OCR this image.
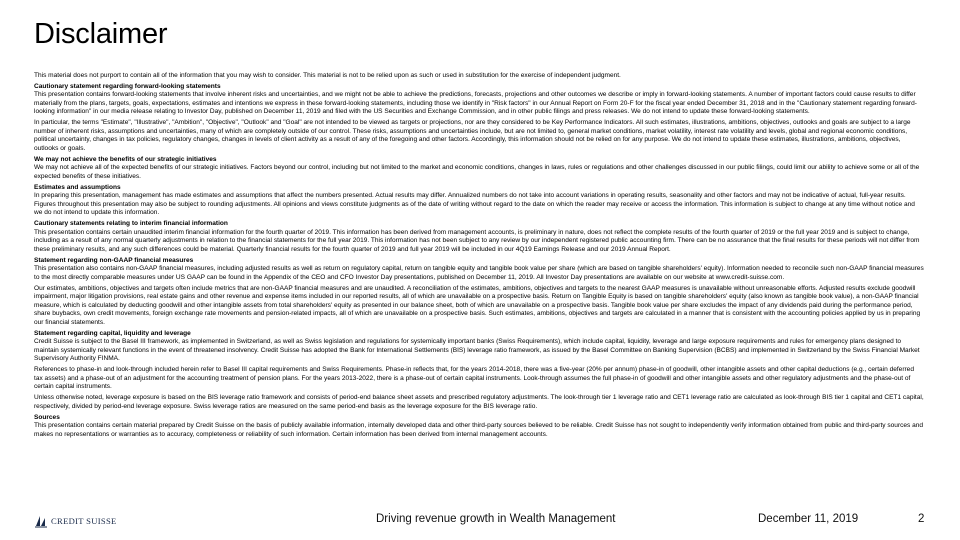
Disclaimer

This material does not purport to contain all of the information that you may wish to consider. This material is not to be relied upon as such or used in substitution for the exercise of independent judgment.

Cautionary statement regarding forward-looking statements

This presentation contains forward-looking statements that involve inherent risks and uncertainties, and we might not be able to achieve the predictions, forecasts, projections and other outcomes we describe or imply in forward-looking statements. A number of important factors could cause results to differ materially from the plans, targets, goals, expectations, estimates and intentions we express in these forward-looking statements, including those we identify in "Risk factors" in our Annual Report on Form 20-F for the fiscal year ended December 31, 2018 and in the "Cautionary statement regarding forward-looking information" in our media release relating to Investor Day, published on December 11, 2019 and filed with the US Securities and Exchange Commission, and in other public filings and press releases. We do not intend to update these forward-looking statements.

In particular, the terms "Estimate", "Illustrative", "Ambition", "Objective", "Outlook" and "Goal" are not intended to be viewed as targets or projections, nor are they considered to be Key Performance Indicators. All such estimates, illustrations, ambitions, objectives, outlooks and goals are subject to a large number of inherent risks, assumptions and uncertainties, many of which are completely outside of our control. These risks, assumptions and uncertainties include, but are not limited to, general market conditions, market volatility, interest rate volatility and levels, global and regional economic conditions, political uncertainty, changes in tax policies, regulatory changes, changes in levels of client activity as a result of any of the foregoing and other factors. Accordingly, this information should not be relied on for any purpose. We do not intend to update these estimates, illustrations, ambitions, objectives, outlooks or goals.

We may not achieve the benefits of our strategic initiatives

We may not achieve all of the expected benefits of our strategic initiatives. Factors beyond our control, including but not limited to the market and economic conditions, changes in laws, rules or regulations and other challenges discussed in our public filings, could limit our ability to achieve some or all of the expected benefits of these initiatives.

Estimates and assumptions

In preparing this presentation, management has made estimates and assumptions that affect the numbers presented. Actual results may differ. Annualized numbers do not take into account variations in operating results, seasonality and other factors and may not be indicative of actual, full-year results. Figures throughout this presentation may also be subject to rounding adjustments. All opinions and views constitute judgments as of the date of writing without regard to the date on which the reader may receive or access the information. This information is subject to change at any time without notice and we do not intend to update this information.

Cautionary statements relating to interim financial information

This presentation contains certain unaudited interim financial information for the fourth quarter of 2019. This information has been derived from management accounts, is preliminary in nature, does not reflect the complete results of the fourth quarter of 2019 or the full year 2019 and is subject to change, including as a result of any normal quarterly adjustments in relation to the financial statements for the full year 2019. This information has not been subject to any review by our independent registered public accounting firm. There can be no assurance that the final results for these periods will not differ from these preliminary results, and any such differences could be material. Quarterly financial results for the fourth quarter of 2019 and full year 2019 will be included in our 4Q19 Earnings Release and our 2019 Annual Report.

Statement regarding non-GAAP financial measures

This presentation also contains non-GAAP financial measures, including adjusted results as well as return on regulatory capital, return on tangible equity and tangible book value per share (which are based on tangible shareholders' equity). Information needed to reconcile such non-GAAP financial measures to the most directly comparable measures under US GAAP can be found in the Appendix of the CEO and CFO Investor Day presentations, published on December 11, 2019. All Investor Day presentations are available on our website at www.credit-suisse.com.

Our estimates, ambitions, objectives and targets often include metrics that are non-GAAP financial measures and are unaudited. A reconciliation of the estimates, ambitions, objectives and targets to the nearest GAAP measures is unavailable without unreasonable efforts. Adjusted results exclude goodwill impairment, major litigation provisions, real estate gains and other revenue and expense items included in our reported results, all of which are unavailable on a prospective basis. Return on Tangible Equity is based on tangible shareholders' equity (also known as tangible book value), a non-GAAP financial measure, which is calculated by deducting goodwill and other intangible assets from total shareholders' equity as presented in our balance sheet, both of which are unavailable on a prospective basis. Tangible book value per share excludes the impact of any dividends paid during the performance period, share buybacks, own credit movements, foreign exchange rate movements and pension-related impacts, all of which are unavailable on a prospective basis. Such estimates, ambitions, objectives and targets are calculated in a manner that is consistent with the accounting policies applied by us in preparing our financial statements.

Statement regarding capital, liquidity and leverage

Credit Suisse is subject to the Basel III framework, as implemented in Switzerland, as well as Swiss legislation and regulations for systemically important banks (Swiss Requirements), which include capital, liquidity, leverage and large exposure requirements and rules for emergency plans designed to maintain systemically relevant functions in the event of threatened insolvency. Credit Suisse has adopted the Bank for International Settlements (BIS) leverage ratio framework, as issued by the Basel Committee on Banking Supervision (BCBS) and implemented in Switzerland by the Swiss Financial Market Supervisory Authority FINMA.

References to phase-in and look-through included herein refer to Basel III capital requirements and Swiss Requirements. Phase-in reflects that, for the years 2014-2018, there was a five-year (20% per annum) phase-in of goodwill, other intangible assets and other capital deductions (e.g., certain deferred tax assets) and a phase-out of an adjustment for the accounting treatment of pension plans. For the years 2013-2022, there is a phase-out of certain capital instruments. Look-through assumes the full phase-in of goodwill and other intangible assets and other regulatory adjustments and the phase-out of certain capital instruments.

Unless otherwise noted, leverage exposure is based on the BIS leverage ratio framework and consists of period-end balance sheet assets and prescribed regulatory adjustments. The look-through tier 1 leverage ratio and CET1 leverage ratio are calculated as look-through BIS tier 1 capital and CET1 capital, respectively, divided by period-end leverage exposure. Swiss leverage ratios are measured on the same period-end basis as the leverage exposure for the BIS leverage ratio.

Sources

This presentation contains certain material prepared by Credit Suisse on the basis of publicly available information, internally developed data and other third-party sources believed to be reliable. Credit Suisse has not sought to independently verify information obtained from public and third-party sources and makes no representations or warranties as to accuracy, completeness or reliability of such information. Certain information has been derived from internal management accounts.

CREDIT SUISSE	Driving revenue growth in Wealth Management	December 11, 2019	2
